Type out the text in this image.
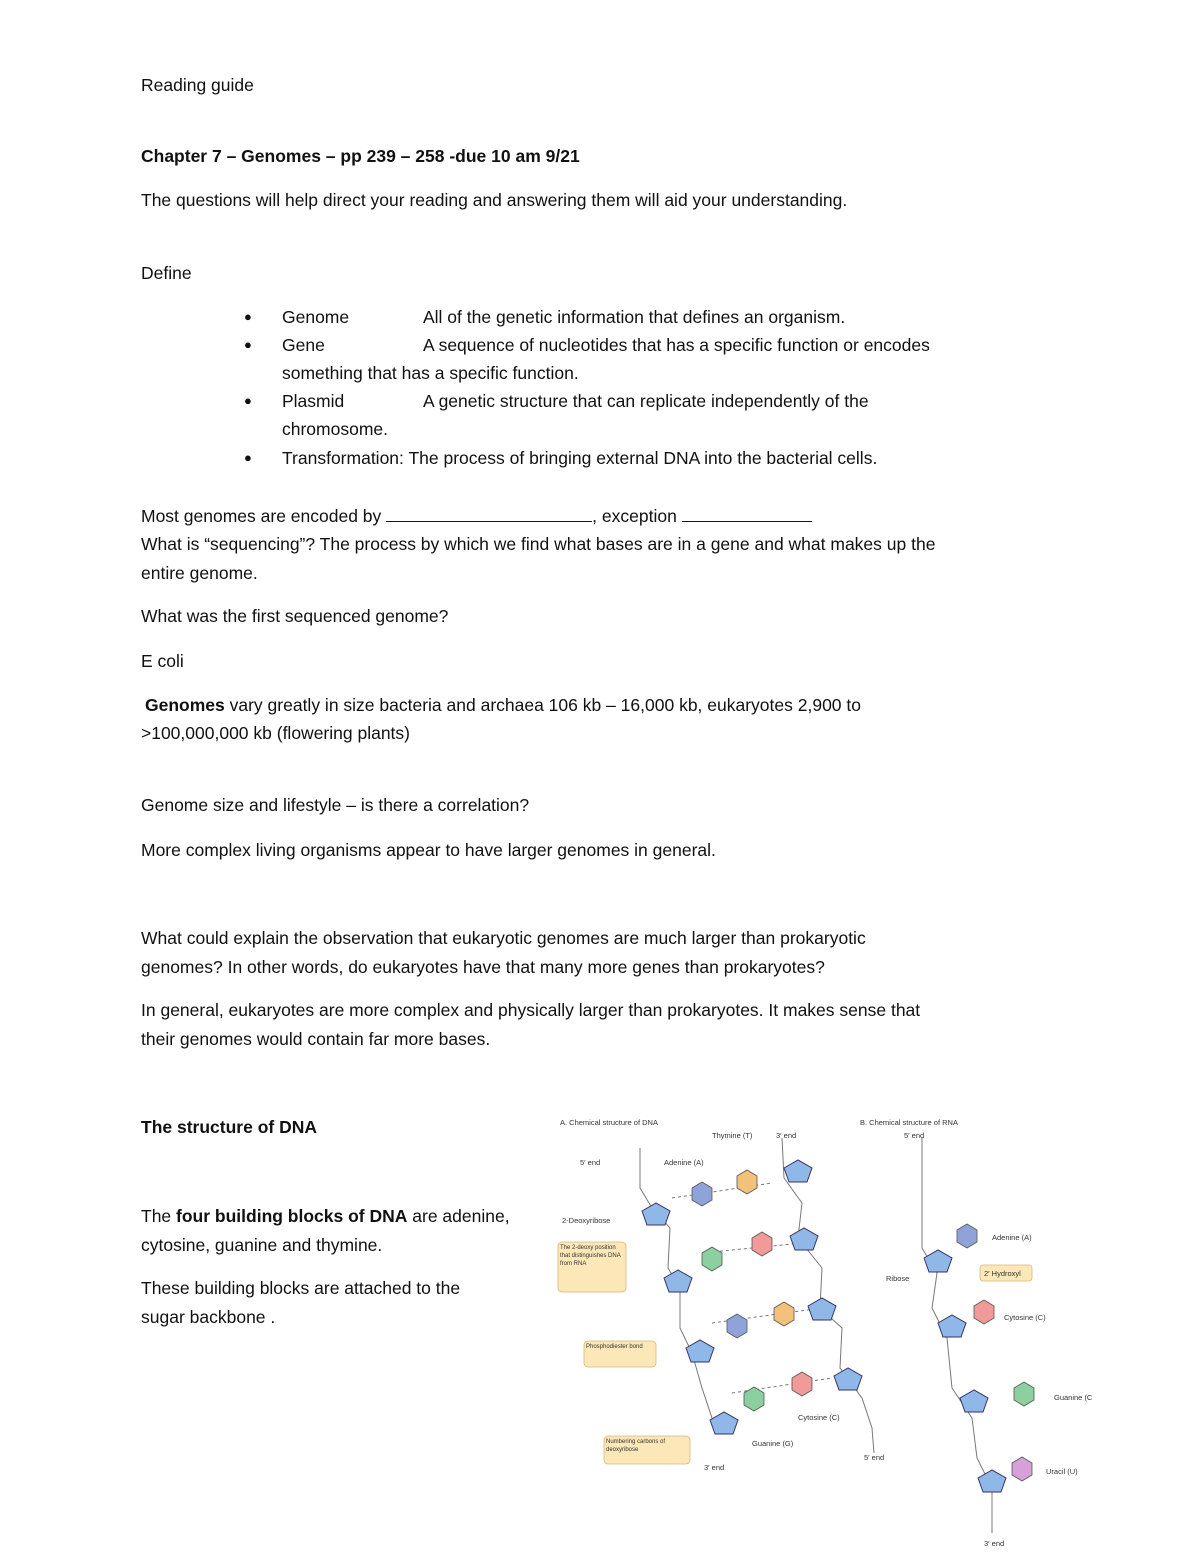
Reading guide
Chapter 7 – Genomes – pp 239 – 258 -due 10 am 9/21
The questions will help direct your reading and answering them will aid your understanding.
Define
● Genome	All of the genetic information that defines an organism.
● Gene	A sequence of nucleotides that has a specific function or encodes
something that has a specific function.
● Plasmid	A genetic structure that can replicate independently of the
chromosome.
● Transformation: The process of bringing external DNA into the bacterial cells.
Most genomes are encoded by	, exception
What is “sequencing”? The process by which we find what bases are in a gene and what makes up the
entire genome.
What was the first sequenced genome?
E coli
Genomes vary greatly in size bacteria and archaea 106 kb – 16,000 kb, eukaryotes 2,900 to
>100,000,000 kb (flowering plants)
Genome size and lifestyle – is there a correlation?
More complex living organisms appear to have larger genomes in general.
What could explain the observation that eukaryotic genomes are much larger than prokaryotic
genomes? In other words, do eukaryotes have that many more genes than prokaryotes?
In general, eukaryotes are more complex and physically larger than prokaryotes. It makes sense that
their genomes would contain far more bases.
The structure of DNA
The four building blocks of DNA are adenine,
cytosine, guanine and thymine.
These building blocks are attached to the
sugar backbone .
A. Chemical structure of DNA	B. Chemical structure of RNA
Thymine (T)
Adenine (A)
5′ end
3′ end
2-Deoxyribose
Cytosine (C)
Guanine (G)
3′ end
5′ end
5′ end
Ribose
2′ Hydroxyl
Adenine (A)
Cytosine (C)
Guanine (C
Uracil (U)
3′ end
The 2-deoxy position that distinguishes DNA from RNA
Phosphodiester bond
Numbering carbons of deoxyribose
